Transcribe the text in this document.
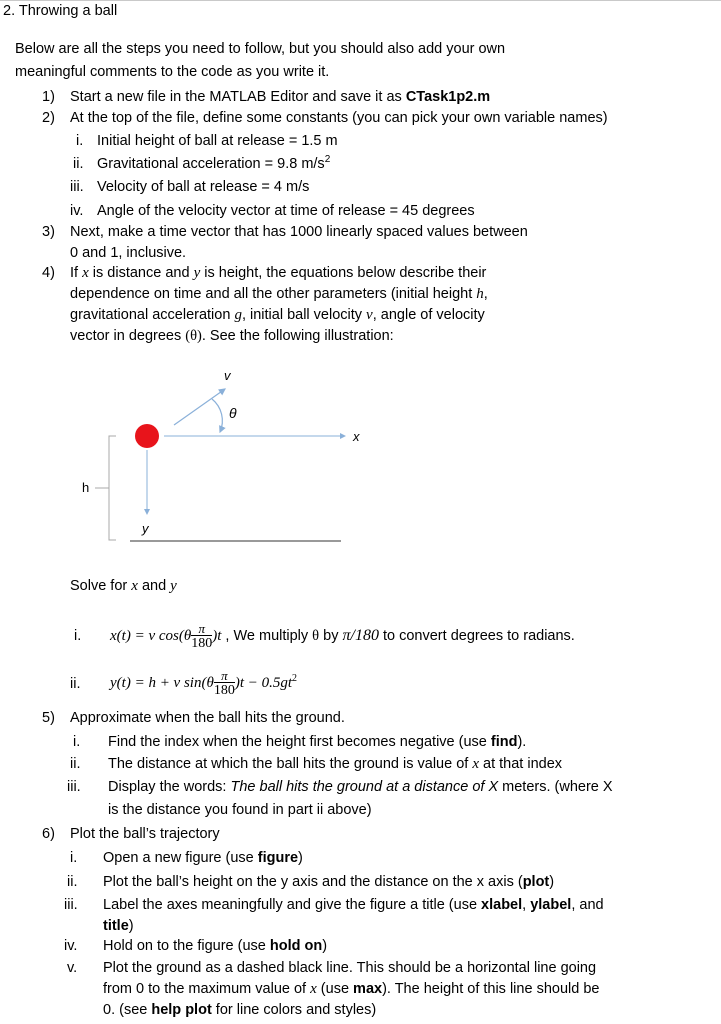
2. Throwing a ball
Below are all the steps you need to follow, but you should also add your own
meaningful comments to the code as you write it.
1) Start a new file in the MATLAB Editor and save it as CTask1p2.m
2) At the top of the file, define some constants (you can pick your own variable names)
i. Initial height of ball at release = 1.5 m
ii. Gravitational acceleration = 9.8 $m/s^2$
iii. Velocity of ball at release = 4 m/s
iv. Angle of the velocity vector at time of release = 45 degrees
3) Next, make a time vector that has 1000 linearly spaced values between
0 and 1, inclusive.
4) If x is distance and y is height, the equations below describe their
dependence on time and all the other parameters (initial height h,
gravitational acceleration g, initial ball velocity v, angle of velocity
vector in degrees (θ). See the following illustration:
v
θ
x
h
y
Solve for x and y
i. x(t) = v $\cos(\theta \frac{\pi}{180} )t$ , We multiply θ by π/180 to convert degrees to radians.
ii. y(t) = h + v $\sin(\theta \frac{\pi}{180} )t - 0.5gt^2$
5) Approximate when the ball hits the ground.
i. Find the index when the height first becomes negative (use find).
ii. The distance at which the ball hits the ground is value of x at that index
iii. Display the words: The ball hits the ground at a distance of X meters. (where X
is the distance you found in part ii above)
6) Plot the ball’s trajectory
i. Open a new figure (use figure)
ii. Plot the ball’s height on the y axis and the distance on the x axis (plot)
iii. Label the axes meaningfully and give the figure a title (use xlabel, ylabel, and
title)
iv. Hold on to the figure (use hold on)
v. Plot the ground as a dashed black line. This should be a horizontal line going
from 0 to the maximum value of x (use max). The height of this line should be
0. (see help plot for line colors and styles)
